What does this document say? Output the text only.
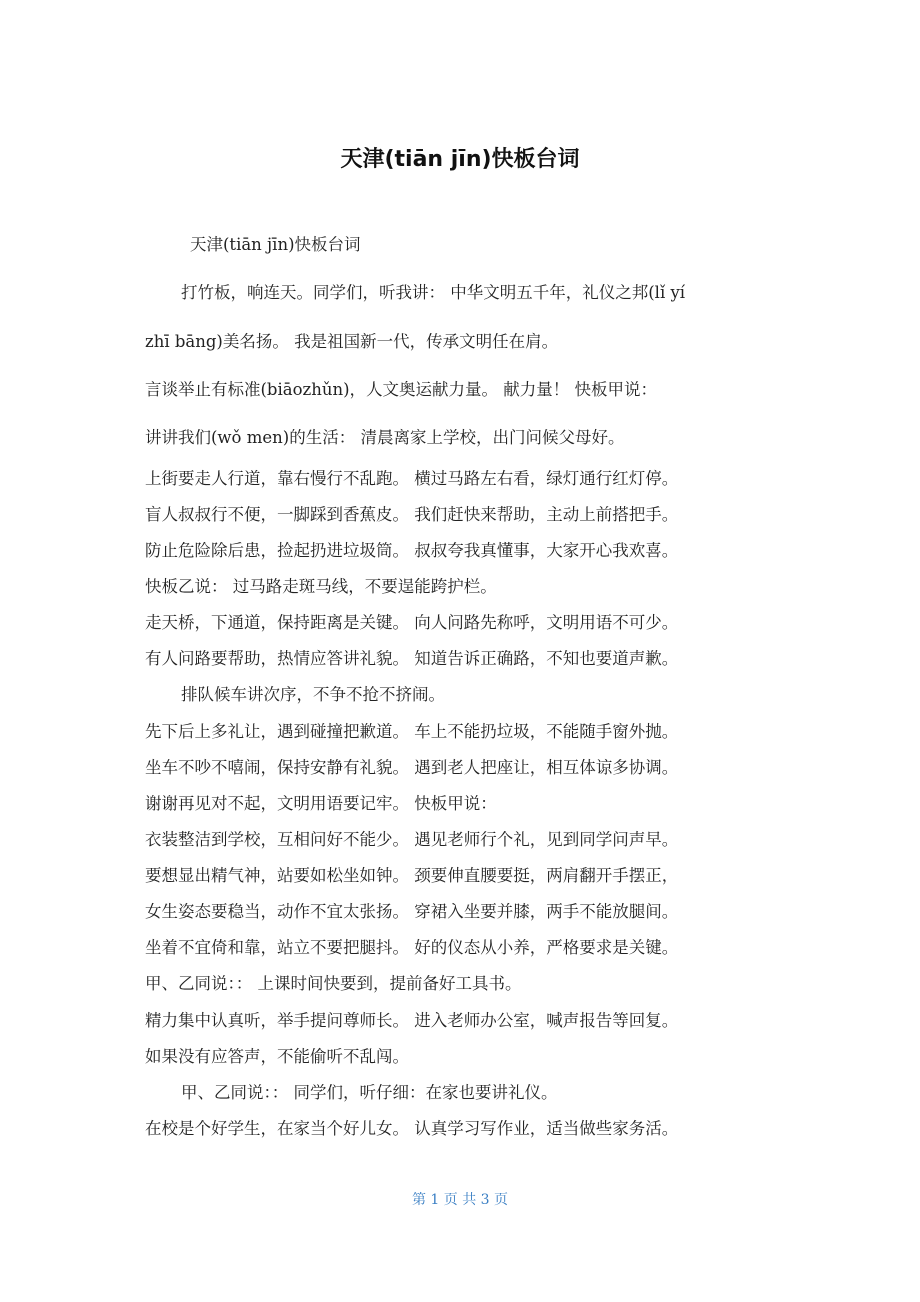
天津(tiān jīn)快板台词
天津(tiān jīn)快板台词
打竹板，响连天。同学们，听我讲： 中华文明五千年，礼仪之邦(lǐ yí
zhī bāng)美名扬。 我是祖国新一代，传承文明任在肩。
言谈举止有标准(biāozhǔn)，人文奥运献力量。 献力量！ 快板甲说：
讲讲我们(wǒ men)的生活： 清晨离家上学校，出门问候父母好。
上街要走人行道，靠右慢行不乱跑。 横过马路左右看，绿灯通行红灯停。
盲人叔叔行不便，一脚踩到香蕉皮。 我们赶快来帮助，主动上前搭把手。
防止危险除后患，捡起扔进垃圾筒。 叔叔夸我真懂事，大家开心我欢喜。
快板乙说： 过马路走斑马线，不要逞能跨护栏。
走天桥，下通道，保持距离是关键。 向人问路先称呼，文明用语不可少。
有人问路要帮助，热情应答讲礼貌。 知道告诉正确路，不知也要道声歉。
排队候车讲次序，不争不抢不挤闹。
先下后上多礼让，遇到碰撞把歉道。 车上不能扔垃圾，不能随手窗外抛。
坐车不吵不嘻闹，保持安静有礼貌。 遇到老人把座让，相互体谅多协调。
谢谢再见对不起，文明用语要记牢。 快板甲说：
衣装整洁到学校，互相问好不能少。 遇见老师行个礼，见到同学问声早。
要想显出精气神，站要如松坐如钟。 颈要伸直腰要挺，两肩翻开手摆正，
女生姿态要稳当，动作不宜太张扬。 穿裙入坐要并膝，两手不能放腿间。
坐着不宜倚和靠，站立不要把腿抖。 好的仪态从小养，严格要求是关键。
甲、乙同说：： 上课时间快要到，提前备好工具书。
精力集中认真听，举手提问尊师长。 进入老师办公室，喊声报告等回复。
如果没有应答声，不能偷听不乱闯。
甲、乙同说：： 同学们，听仔细：在家也要讲礼仪。
在校是个好学生，在家当个好儿女。 认真学习写作业，适当做些家务活。
第 1 页 共 3 页
